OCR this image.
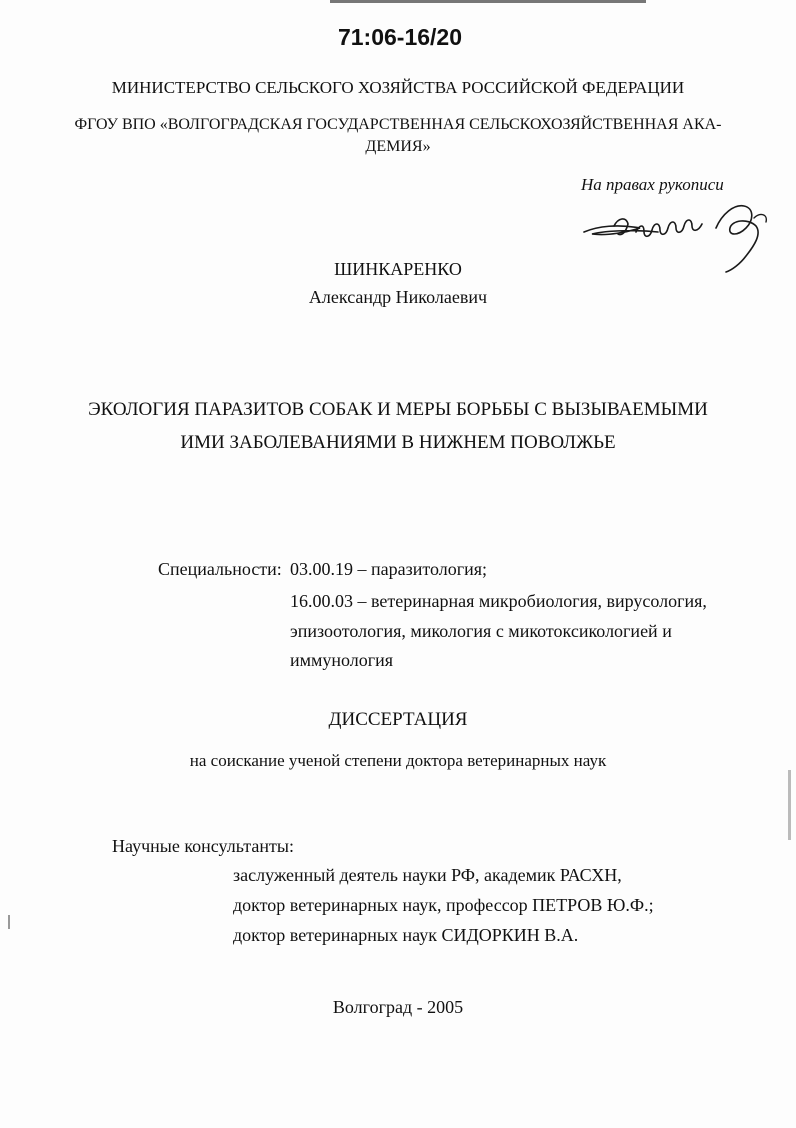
71:06-16/20
МИНИСТЕРСТВО СЕЛЬСКОГО ХОЗЯЙСТВА РОССИЙСКОЙ ФЕДЕРАЦИИ
ФГОУ ВПО «ВОЛГОГРАДСКАЯ ГОСУДАРСТВЕННАЯ СЕЛЬСКОХОЗЯЙСТВЕННАЯ АКА-
ДЕМИЯ»
На правах рукописи
ШИНКАРЕНКО
Александр Николаевич
ЭКОЛОГИЯ ПАРАЗИТОВ СОБАК И МЕРЫ БОРЬБЫ С ВЫЗЫВАЕМЫМИ
ИМИ ЗАБОЛЕВАНИЯМИ В НИЖНЕМ ПОВОЛЖЬЕ
Специальности: 03.00.19 – паразитология;
16.00.03 – ветеринарная микробиология, вирусология,
эпизоотология, микология с микотоксикологией и
иммунология
ДИССЕРТАЦИЯ
на соискание ученой степени доктора ветеринарных наук
Научные консультанты:
заслуженный деятель науки РФ, академик РАСХН,
доктор ветеринарных наук, профессор ПЕТРОВ Ю.Ф.;
доктор ветеринарных наук СИДОРКИН В.А.
Волгоград - 2005
